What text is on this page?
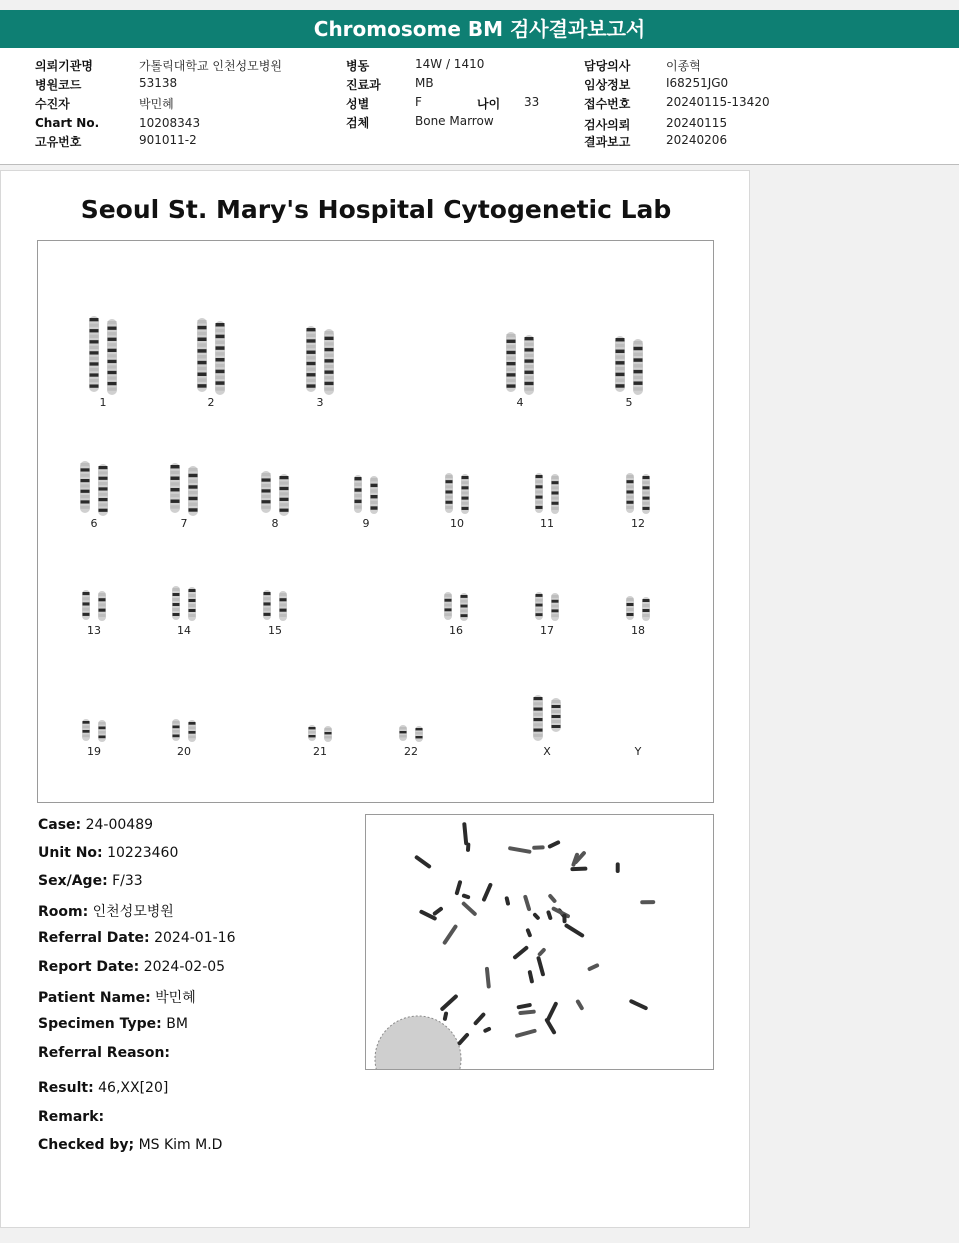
Chromosome BM 검사결과보고서
의뢰기관명	가톨릭대학교 인천성모병원
병원코드	53138
수진자	박민혜
Chart No.	10208343
고유번호	901011-2
병동	14W / 1410
진료과	MB
성별	F	나이 33
검체	Bone Marrow
담당의사	이종혁
임상정보	I68251JG0
접수번호	20240115-13420
검사의뢰	20240115
결과보고	20240206
Seoul St. Mary's Hospital Cytogenetic Lab
1	2	3	4	5
6	7	8	9	10	11	12
13	14	15	16	17	18
19	20	21	22	X	Y
Case: 24-00489
Unit No: 10223460
Sex/Age: F/33
Room: 인천성모병원
Referral Date: 2024-01-16
Report Date: 2024-02-05
Patient Name: 박민혜
Specimen Type: BM
Referral Reason:
Result: 46,XX[20]
Remark:
Checked by; MS Kim M.D
